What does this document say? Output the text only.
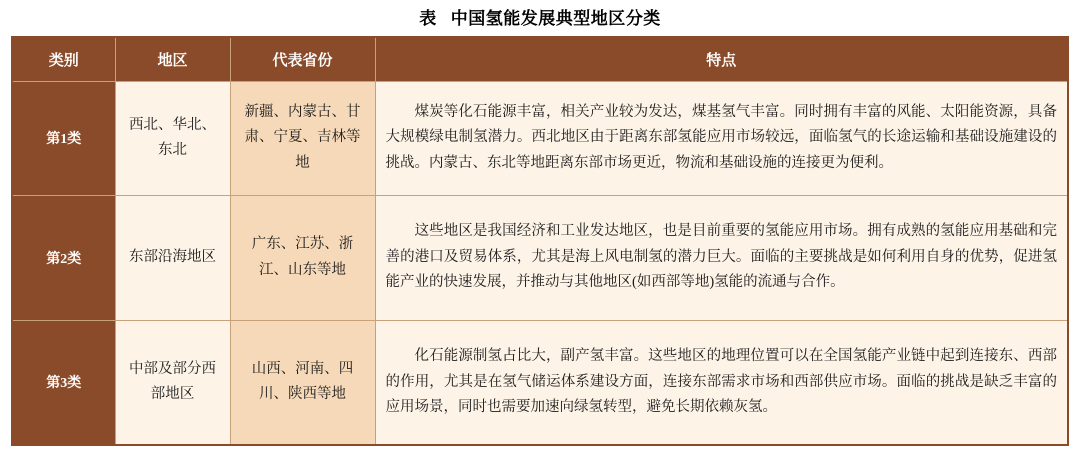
表 中国氢能发展典型地区分类
类别	地区	代表省份	特点
第1类	西北、华北、东北	新疆、内蒙古、甘肃、宁夏、吉林等地	煤炭等化石能源丰富，相关产业较为发达，煤基氢气丰富。同时拥有丰富的风能、太阳能资源，具备大规模绿电制氢潜力。西北地区由于距离东部氢能应用市场较远，面临氢气的长途运输和基础设施建设的挑战。内蒙古、东北等地距离东部市场更近，物流和基础设施的连接更为便利。
第2类	东部沿海地区	广东、江苏、浙江、山东等地	这些地区是我国经济和工业发达地区，也是目前重要的氢能应用市场。拥有成熟的氢能应用基础和完善的港口及贸易体系，尤其是海上风电制氢的潜力巨大。面临的主要挑战是如何利用自身的优势，促进氢能产业的快速发展，并推动与其他地区(如西部等地)氢能的流通与合作。
第3类	中部及部分西部地区	山西、河南、四川、陕西等地	化石能源制氢占比大，副产氢丰富。这些地区的地理位置可以在全国氢能产业链中起到连接东、西部的作用，尤其是在氢气储运体系建设方面，连接东部需求市场和西部供应市场。面临的挑战是缺乏丰富的应用场景，同时也需要加速向绿氢转型，避免长期依赖灰氢。
